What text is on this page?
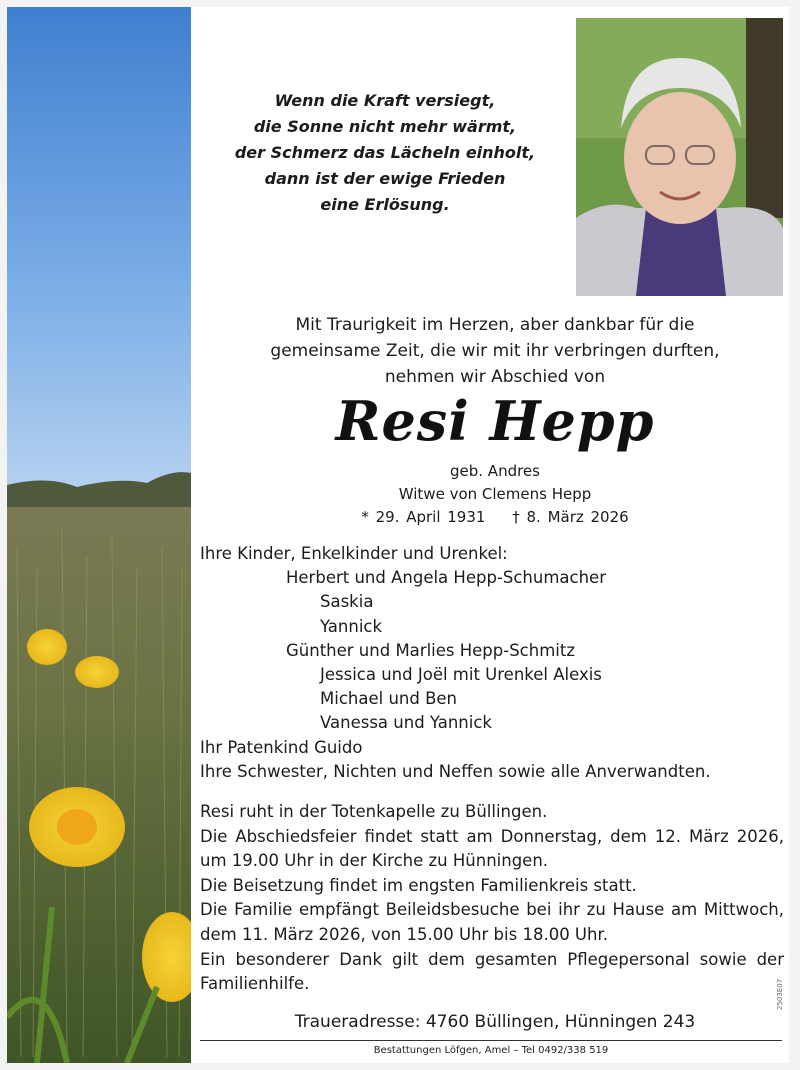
Wenn die Kraft versiegt,
die Sonne nicht mehr wärmt,
der Schmerz das Lächeln einholt,
dann ist der ewige Frieden
eine Erlösung.
Mit Traurigkeit im Herzen, aber dankbar für die
gemeinsame Zeit, die wir mit ihr verbringen durften,
nehmen wir Abschied von
Resi Hepp
geb. Andres
Witwe von Clemens Hepp
* 29. April 1931 † 8. März 2026
Ihre Kinder, Enkelkinder und Urenkel:
Herbert und Angela Hepp-Schumacher
Saskia
Yannick
Günther und Marlies Hepp-Schmitz
Jessica und Joël mit Urenkel Alexis
Michael und Ben
Vanessa und Yannick
Ihr Patenkind Guido
Ihre Schwester, Nichten und Neffen sowie alle Anverwandten.

Resi ruht in der Totenkapelle zu Büllingen.

Die Abschiedsfeier findet statt am Donnerstag, dem 12. März 2026, um 19.00 Uhr in der Kirche zu Hünningen.

Die Beisetzung findet im engsten Familienkreis statt.

Die Familie empfängt Beileidsbesuche bei ihr zu Hause am Mittwoch, dem 11. März 2026, von 15.00 Uhr bis 18.00 Uhr.

Ein besonderer Dank gilt dem gesamten Pflegepersonal sowie der Familienhilfe.

Traueradresse: 4760 Büllingen, Hünningen 243
Bestattungen Löfgen, Amel – Tel 0492/338 519
2503E07
